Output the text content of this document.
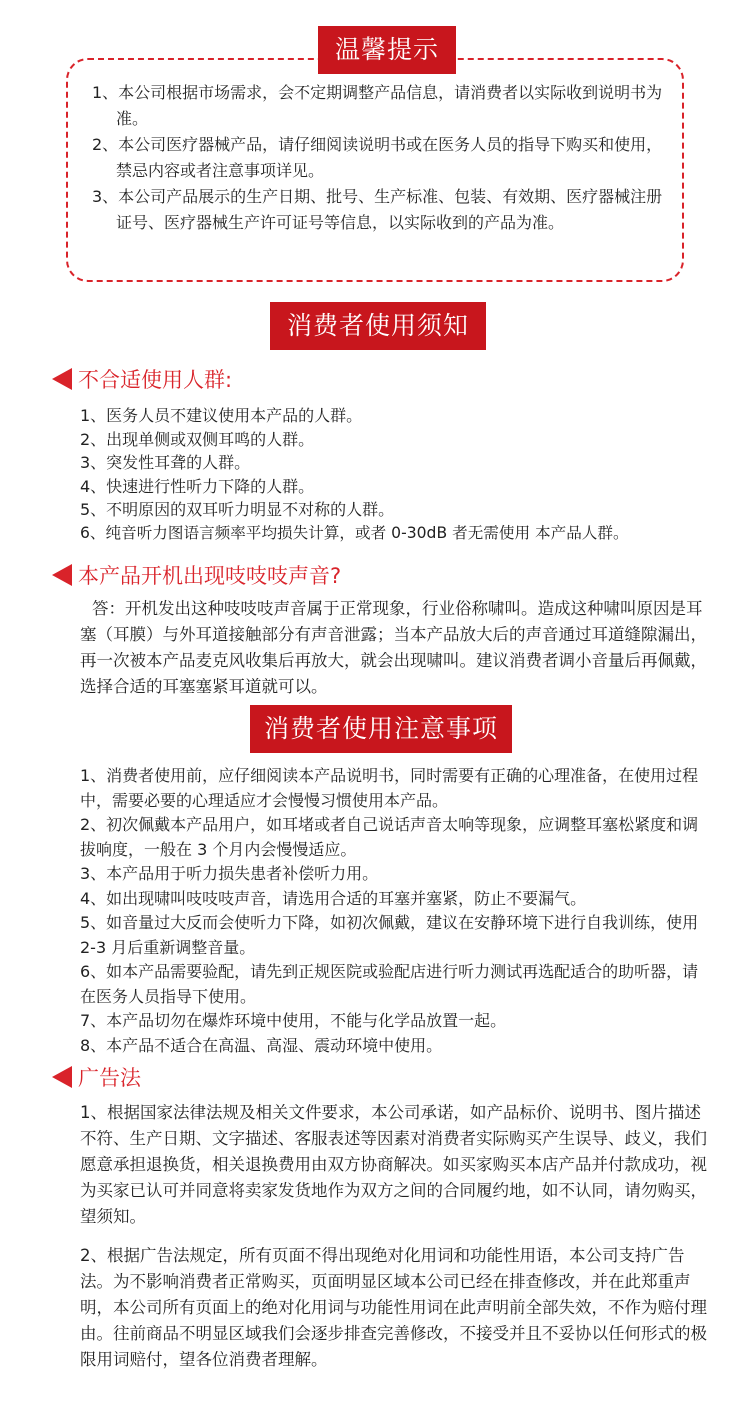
温馨提示
1、本公司根据市场需求，会不定期调整产品信息，请消费者以实际收到说明书为准。
2、本公司医疗器械产品，请仔细阅读说明书或在医务人员的指导下购买和使用，禁忌内容或者注意事项详见。
3、本公司产品展示的生产日期、批号、生产标准、包装、有效期、医疗器械注册证号、医疗器械生产许可证号等信息，以实际收到的产品为准。
消费者使用须知
不合适使用人群:
1、医务人员不建议使用本产品的人群。
2、出现单侧或双侧耳鸣的人群。
3、突发性耳聋的人群。
4、快速进行性听力下降的人群。
5、不明原因的双耳听力明显不对称的人群。
6、纯音听力图语言频率平均损失计算，或者 0-30dB 者无需使用 本产品人群。
本产品开机出现吱吱吱声音?

答：开机发出这种吱吱吱声音属于正常现象，行业俗称啸叫。造成这种啸叫原因是耳塞（耳膜）与外耳道接触部分有声音泄露；当本产品放大后的声音通过耳道缝隙漏出，再一次被本产品麦克风收集后再放大，就会出现啸叫。建议消费者调小音量后再佩戴，选择合适的耳塞塞紧耳道就可以。

消费者使用注意事项
1、消费者使用前，应仔细阅读本产品说明书，同时需要有正确的心理准备，在使用过程中，需要必要的心理适应才会慢慢习惯使用本产品。
2、初次佩戴本产品用户，如耳堵或者自己说话声音太响等现象，应调整耳塞松紧度和调拔响度，一般在 3 个月内会慢慢适应。
3、本产品用于听力损失患者补偿听力用。
4、如出现啸叫吱吱吱声音，请选用合适的耳塞并塞紧，防止不要漏气。
5、如音量过大反而会使听力下降，如初次佩戴，建议在安静环境下进行自我训练，使用 2-3 月后重新调整音量。
6、如本产品需要验配，请先到正规医院或验配店进行听力测试再选配适合的助听器，请在医务人员指导下使用。
7、本产品切勿在爆炸环境中使用，不能与化学品放置一起。
8、本产品不适合在高温、高湿、震动环境中使用。
广告法

1、根据国家法律法规及相关文件要求，本公司承诺，如产品标价、说明书、图片描述不符、生产日期、文字描述、客服表述等因素对消费者实际购买产生误导、歧义，我们愿意承担退换货，相关退换费用由双方协商解决。如买家购买本店产品并付款成功，视为买家已认可并同意将卖家发货地作为双方之间的合同履约地，如不认同，请勿购买，望须知。

2、根据广告法规定，所有页面不得出现绝对化用词和功能性用语，本公司支持广告法。为不影响消费者正常购买，页面明显区域本公司已经在排查修改，并在此郑重声明，本公司所有页面上的绝对化用词与功能性用词在此声明前全部失效，不作为赔付理由。往前商品不明显区域我们会逐步排查完善修改，不接受并且不妥协以任何形式的极限用词赔付，望各位消费者理解。
